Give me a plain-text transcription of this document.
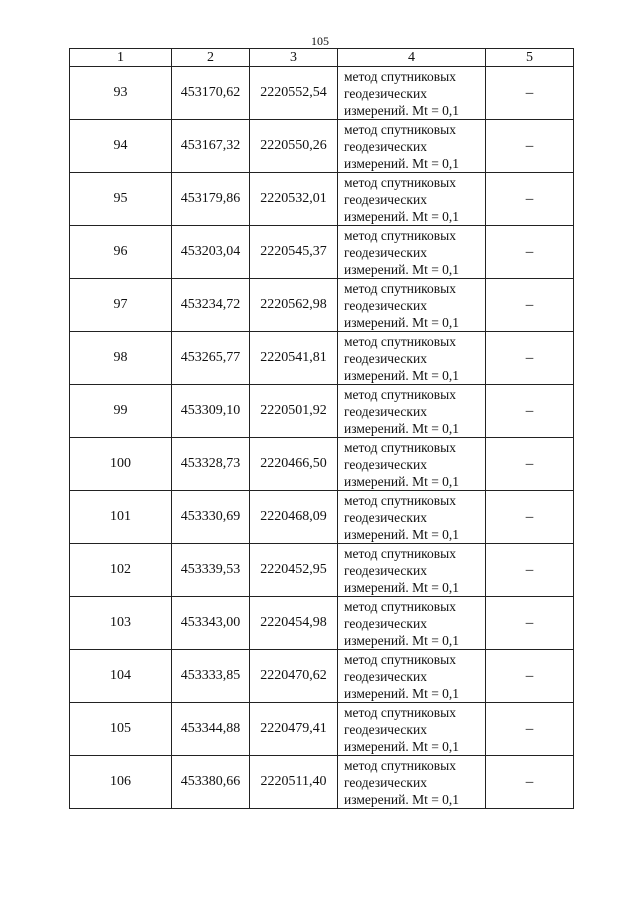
105
1	2	3	4	5
93	453170,62	2220552,54	метод спутниковых
геодезических
измерений. Mt = 0,1	–
94	453167,32	2220550,26	метод спутниковых
геодезических
измерений. Mt = 0,1	–
95	453179,86	2220532,01	метод спутниковых
геодезических
измерений. Mt = 0,1	–
96	453203,04	2220545,37	метод спутниковых
геодезических
измерений. Mt = 0,1	–
97	453234,72	2220562,98	метод спутниковых
геодезических
измерений. Mt = 0,1	–
98	453265,77	2220541,81	метод спутниковых
геодезических
измерений. Mt = 0,1	–
99	453309,10	2220501,92	метод спутниковых
геодезических
измерений. Mt = 0,1	–
100	453328,73	2220466,50	метод спутниковых
геодезических
измерений. Mt = 0,1	–
101	453330,69	2220468,09	метод спутниковых
геодезических
измерений. Mt = 0,1	–
102	453339,53	2220452,95	метод спутниковых
геодезических
измерений. Mt = 0,1	–
103	453343,00	2220454,98	метод спутниковых
геодезических
измерений. Mt = 0,1	–
104	453333,85	2220470,62	метод спутниковых
геодезических
измерений. Mt = 0,1	–
105	453344,88	2220479,41	метод спутниковых
геодезических
измерений. Mt = 0,1	–
106	453380,66	2220511,40	метод спутниковых
геодезических
измерений. Mt = 0,1	–
